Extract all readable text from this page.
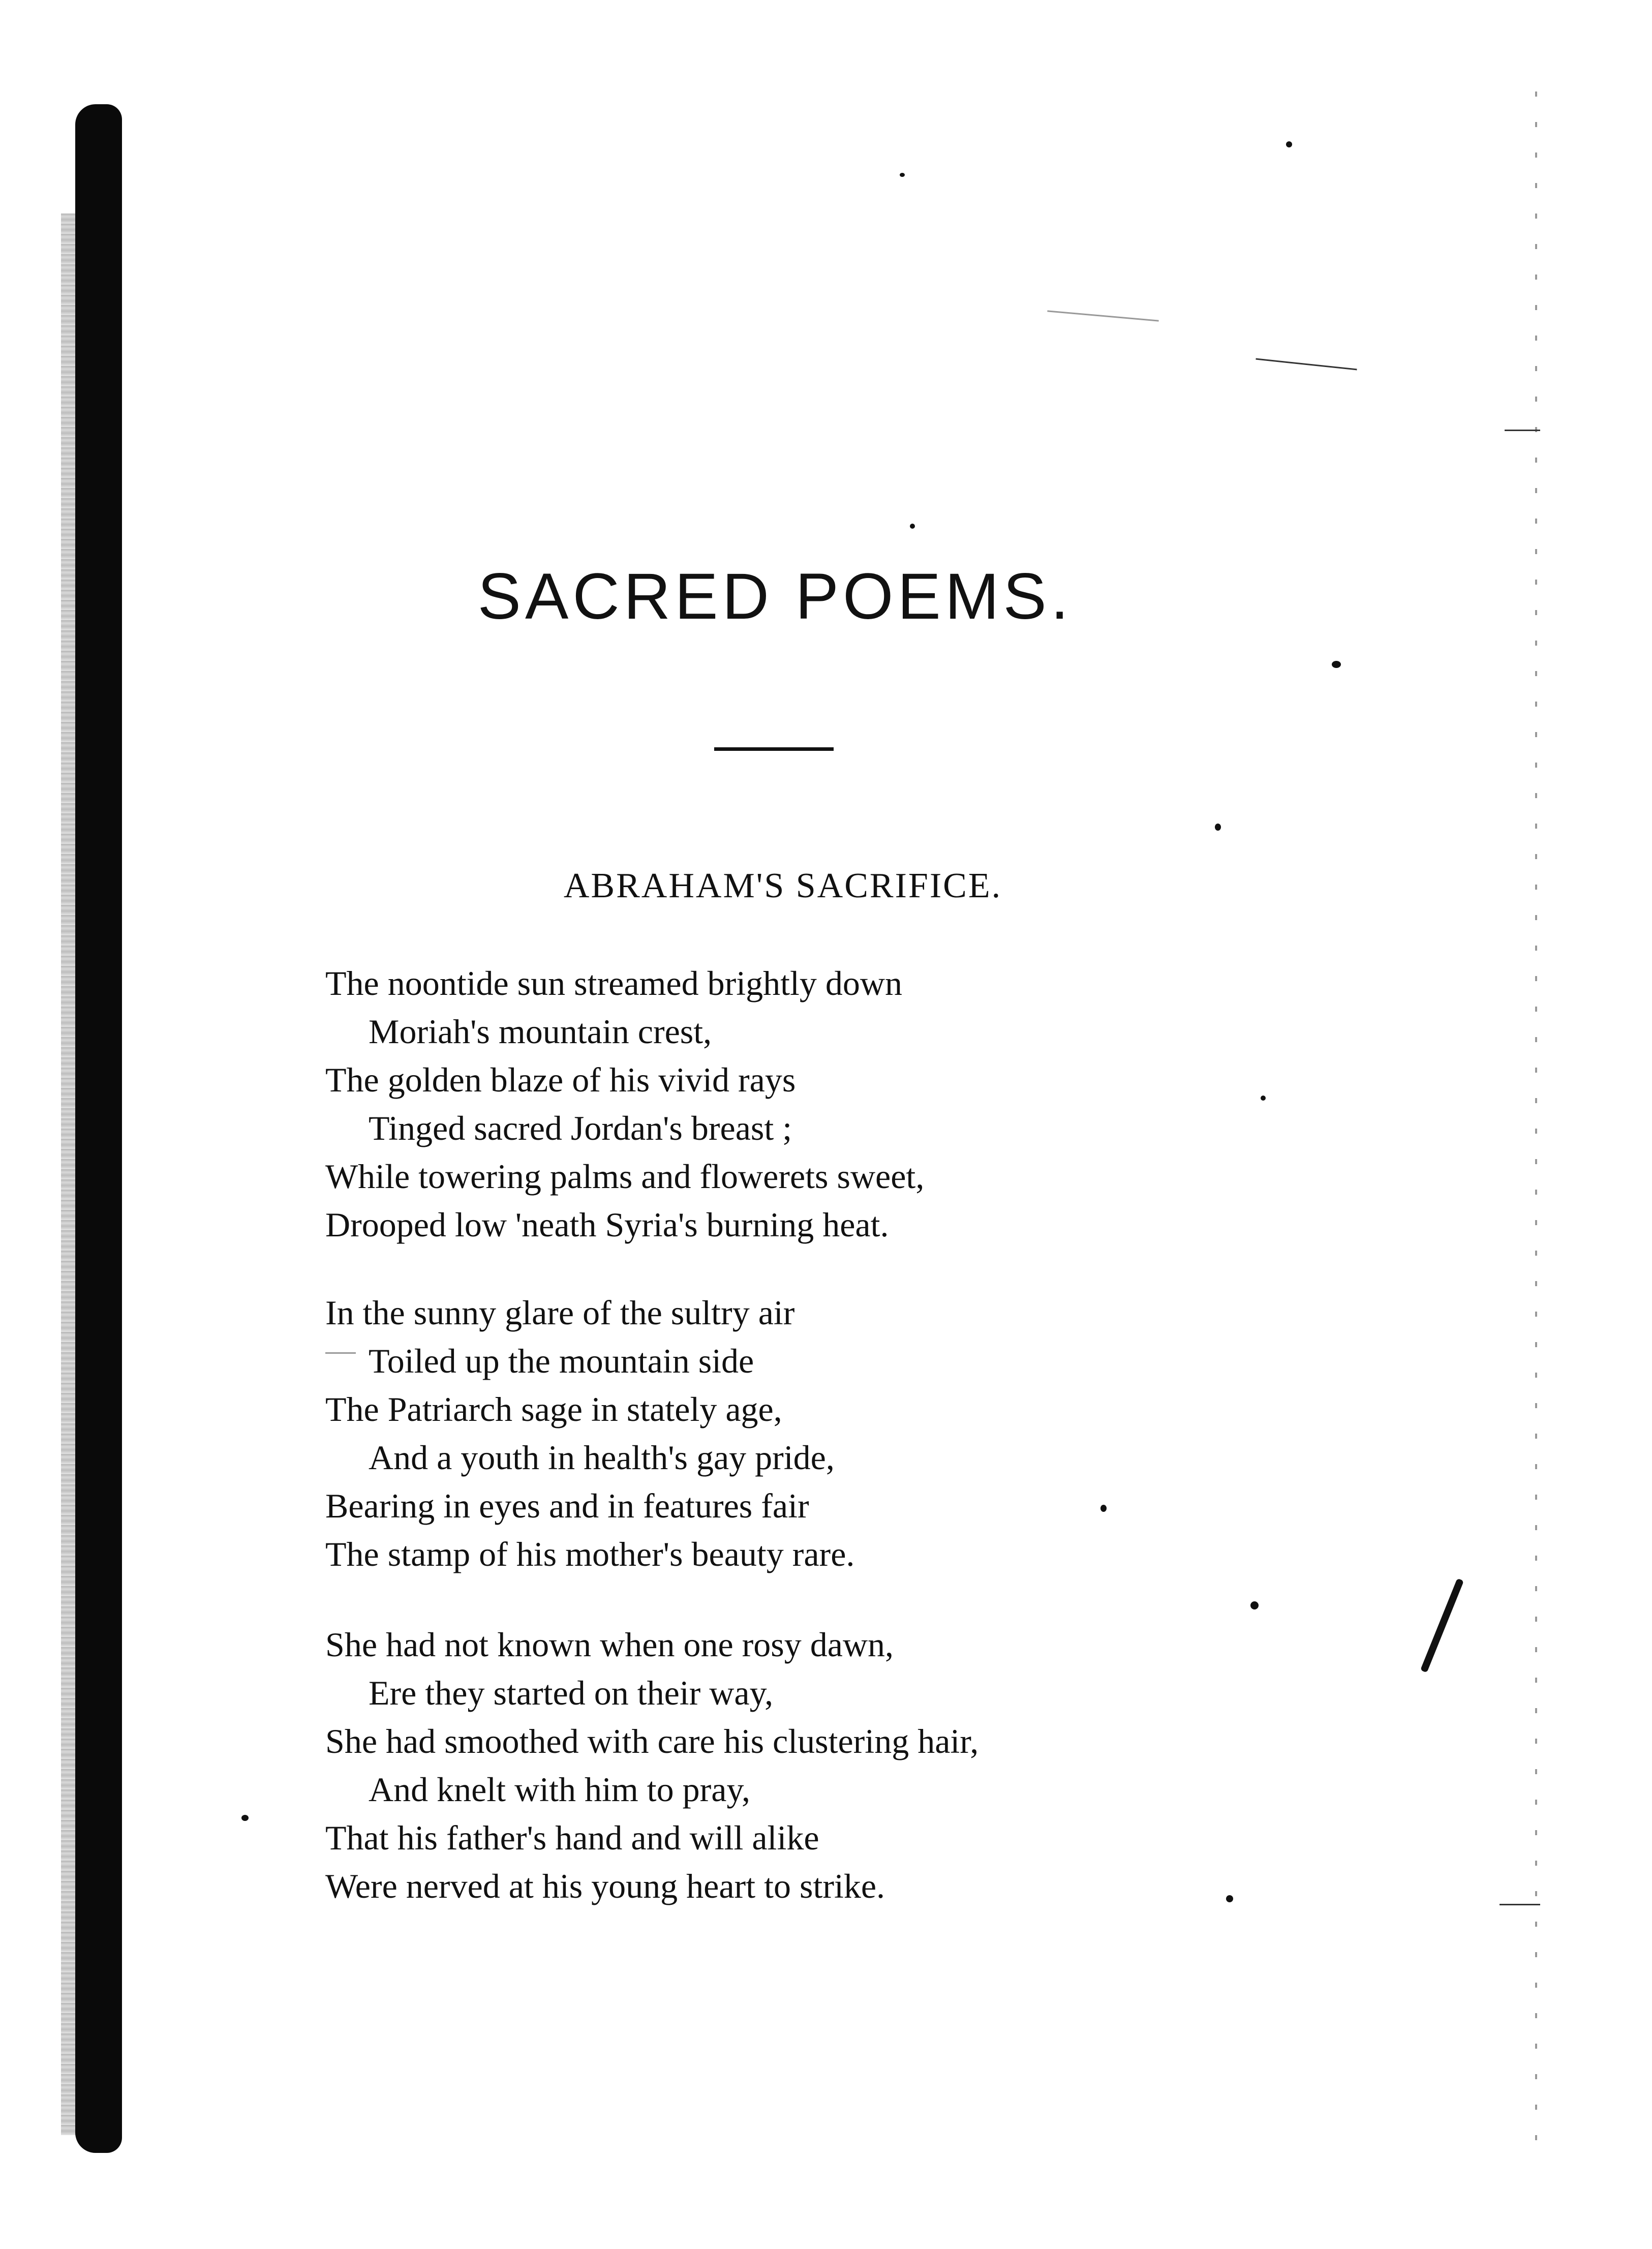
SACRED POEMS.
ABRAHAM'S SACRIFICE.
The noontide sun streamed brightly down
Moriah's mountain crest,
The golden blaze of his vivid rays
Tinged sacred Jordan's breast ;
While towering palms and flowerets sweet,
Drooped low 'neath Syria's burning heat.
In the sunny glare of the sultry air
Toiled up the mountain side
The Patriarch sage in stately age,
And a youth in health's gay pride,
Bearing in eyes and in features fair
The stamp of his mother's beauty rare.
She had not known when one rosy dawn,
Ere they started on their way,
She had smoothed with care his clustering hair,
And knelt with him to pray,
That his father's hand and will alike
Were nerved at his young heart to strike.
